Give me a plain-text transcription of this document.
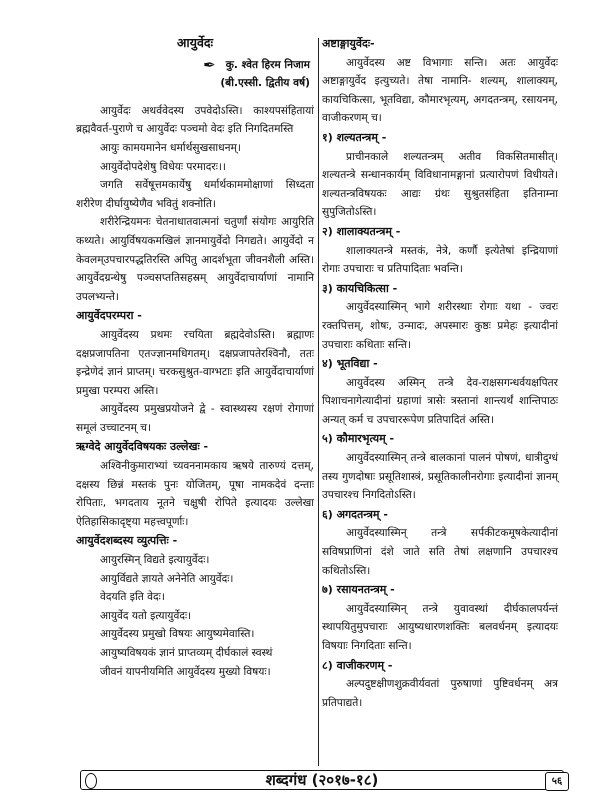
आयुर्वेदः
✒ कु. श्वेत हिरम निजाम
(बी.एस्सी. द्वितीय वर्ष)

आयुर्वेदः अथर्ववेदस्य उपवेदोऽस्ति। काश्यपसंहितायां ब्रह्मवैवर्त-पुराणे च आयुर्वेदः पञ्चमो वेदः इति निगदितमस्ति

आयुः कामयमानेन धर्मार्थसुखसाधनम्।

आयुर्वेदोपदेशेषु विधेयः परमादरः।।

जगति सर्वेषूत्तमकार्येषु धर्मार्थकाममोक्षाणां सिध्दता शरीरेण दीर्घायुष्येणैव भवितुं शक्नोति।

शरीरेन्द्रियमनः चेतनाधातवात्मनां चतुर्णां संयोगः आयुरिति कथ्यते। आयुर्विषयकमखिलं ज्ञानमायुर्वेदो निगद्यते। आयुर्वेदो न केवलम्उपचारपद्धतिरस्ति अपितु आदर्शभूता जीवनशैली अस्ति। आयुर्वेदग्रन्थेषु पञ्चसप्ततिसहस्रम् आयुर्वेदाचार्याणां नामानि उपलभ्यन्ते।

आयुर्वेदपरम्परा -

आयुर्वेदस्य प्रथमः रचयिता ब्रह्मदेवोऽस्ति। ब्रह्माणः दक्षप्रजापतिना एतज्ज्ञानमधिगतम्। दक्षप्रजापतेरश्विनौ, ततः इन्द्रेणेदं ज्ञानं प्राप्तम्। चरकसुश्रुत-वाग्भटाः इति आयुर्वेदाचार्याणां प्रमुखा परम्परा अस्ति।

आयुर्वेदस्य प्रमुखप्रयोजने द्वे - स्वास्थ्यस्य रक्षणं रोगाणां समूलं उच्चाटनम् च।

ऋग्वेदे आयुर्वेदविषयकः उल्लेखः -

अश्विनीकुमाराभ्यां च्यवननामकाय ऋषये तारुण्यं दत्तम्, दक्षस्य छिन्नं मस्तकं पुनः योजितम्, पूषा नामकदेवं दन्ताः रोपिताः, भगदताय नूतने चक्षुषी रोपिते इत्यादयः उल्लेखा ऐतिहासिकादृष्ट्या महत्त्वपूर्णाः।

आयुर्वेदशब्दस्य व्युत्पत्तिः -

आयुरस्मिन् विद्यते इत्यायुर्वेदः।

आयुर्विद्यते ज्ञायते अनेनेति आयुर्वेदः।

वेदयति इति वेदः।

आयुर्वेद यतो इत्यायुर्वेदः।

आयुर्वेदस्य प्रमुखो विषयः आयुष्यमेवास्ति।

आयुष्यविषयकं ज्ञानं प्राप्तव्यम् दीर्घकालं स्वस्थं

जीवनं यापनीयमिति आयुर्वेदस्य मुख्यो विषयः।

अष्टाङ्गायुर्वेदः-

आयुर्वेदस्य अष्ट विभागाः सन्ति। अतः आयुर्वेदः अष्टाङ्गायुर्वेद इत्युच्यते। तेषा नामानि- शल्यम्, शालाक्यम्, कायचिकित्सा, भूतविद्या, कौमारभृत्यम्, अगदतन्त्रम्, रसायनम्, वाजीकरणम् च।

१) शल्यतन्त्रम् -

प्राचीनकाले शल्यतन्त्रम् अतीव विकसितमासीत्। शल्यतन्त्रे सन्धानकार्यम् विविधानामङ्गानां प्रत्यारोपणं विधीयते। शल्यतन्त्रविषयकः आद्यः ग्रंथः सुश्रुतसंहिता इतिनाम्ना सुपुजितोऽस्ति।

२) शालाक्यतन्त्रम् -

शालाक्यतन्त्रे मस्तकं, नेत्रे, कर्णौ इत्येतेषां इन्द्रियाणां रोगाः उपचाराः च प्रतिपादिताः भवन्ति।

३) कायचिकित्सा -

आयुर्वेदस्यास्मिन् भागे शरीरस्थाः रोगाः यथा - ज्वरः रक्तपित्तम्, शोषः, उन्मादः, अपस्मारः कुष्ठः प्रमेहः इत्यादीनां उपचाराः कथिताः सन्ति।

४) भूतविद्या -

आयुर्वेदस्य अस्मिन् तन्त्रे देव-राक्षसगन्धर्वयक्षपितर पिशाचनागेत्यादीनां ग्रहाणां त्रासेः त्रस्तानां शान्त्यर्थं शान्तिपाठः अन्यत् कर्म च उपचाररूपेण प्रतिपादितं अस्ति।

५) कौमारभृत्यम् -

आयुर्वेदस्यास्मिन् तन्त्रे बालकानां पालनं पोषणं, धात्रीदुग्धं तस्य गुणदोषाः प्रसूतिशास्त्रं, प्रसूतिकालीनरोगाः इत्यादीनां ज्ञानम् उपचारश्च निगदितोऽस्ति।

६) अगदतन्त्रम् -

आयुर्वेदस्यास्मिन् तन्त्रे सर्पकीटकमूषकेत्यादीनां सविषप्राणिनां दंशे जाते सति तेषां लक्षणानि उपचारश्च कथितोऽस्ति।

७) रसायनतन्त्रम् -

आयुर्वेदस्यास्मिन् तन्त्रे युवावस्थां दीर्घकालपर्यन्तं स्थापयितुमुपचाराः आयुष्यधारणशक्तिः बलवर्धनम् इत्यादयः विषयाः निगदिताः सन्ति।

८) वाजीकरणम् -

अल्पदुष्टक्षीणशुक्रवीर्यवतां पुरुषाणां पुष्टिवर्धनम् अत्र प्रतिपाद्यते।

शब्दगंध (२०१७-१८)	५६
